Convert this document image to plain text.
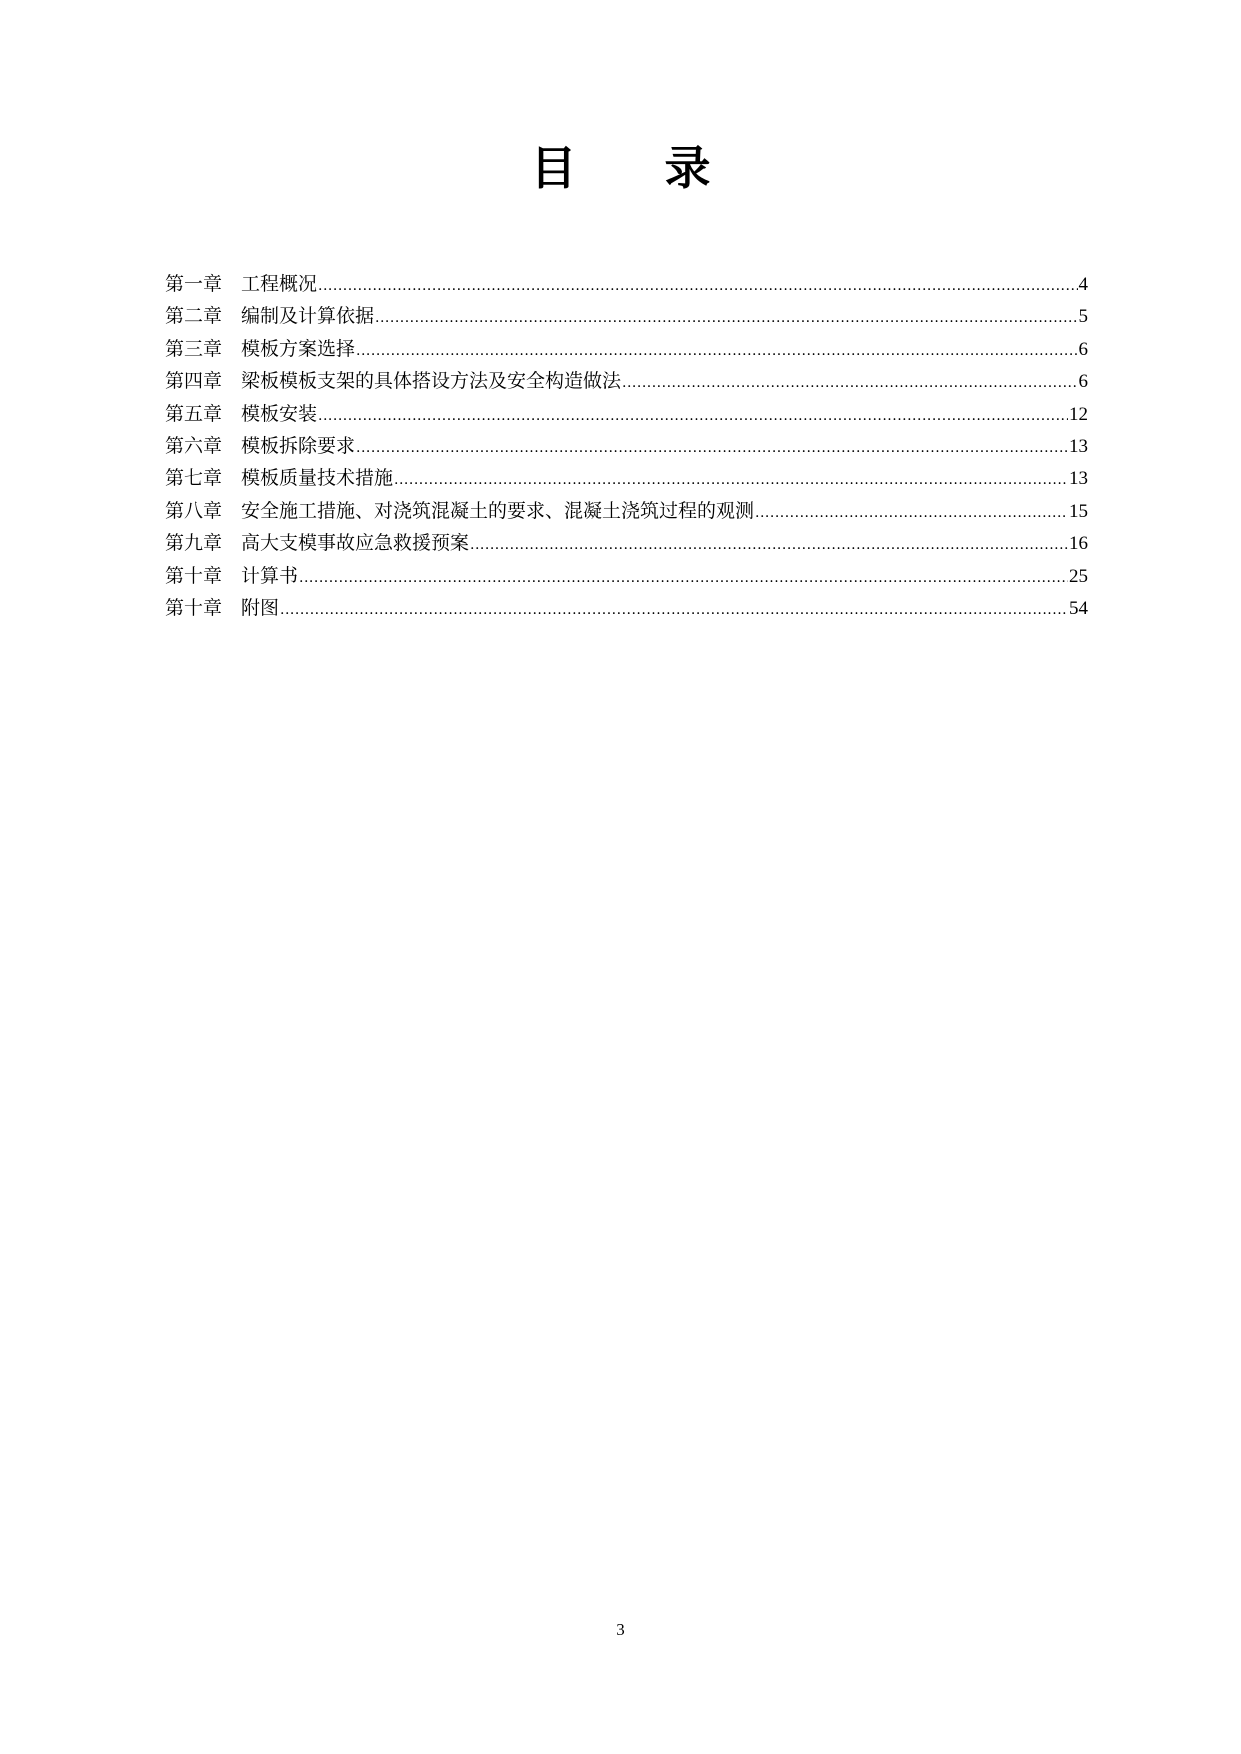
目 录
第一章 工程概况 .....	4
第二章 编制及计算依据 .....	5
第三章 模板方案选择 .....	6
第四章 梁板模板支架的具体搭设方法及安全构造做法 .....	6
第五章 模板安装 .....	12
第六章 模板拆除要求 .....	13
第七章 模板质量技术措施 .....	13
第八章 安全施工措施、对浇筑混凝土的要求、混凝土浇筑过程的观测 .....	15
第九章 高大支模事故应急救援预案 .....	16
第十章 计算书 .....	25
第十章 附图 .....	54
3
